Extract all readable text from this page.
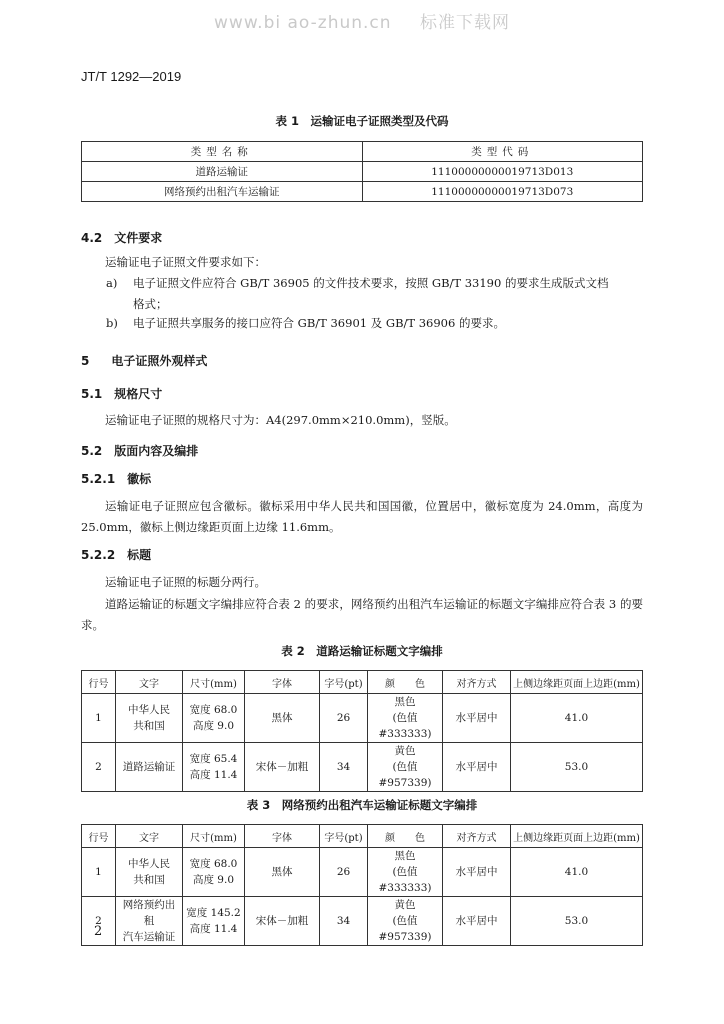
www.bi ao-zhun.cn 标准下载网
JT/T 1292—2019
表 1　运输证电子证照类型及代码
类型名称	类型代码
道路运输证	11100000000019713D013
网络预约出租汽车运输证	11100000000019713D073
4.2 文件要求
运输证电子证照文件要求如下：
a) 电子证照文件应符合 GB/T 36905 的文件技术要求，按照 GB/T 33190 的要求生成版式文档
格式；
b) 电子证照共享服务的接口应符合 GB/T 36901 及 GB/T 36906 的要求。
5 电子证照外观样式
5.1 规格尺寸
运输证电子证照的规格尺寸为：A4(297.0mm×210.0mm)，竖版。
5.2 版面内容及编排
5.2.1 徽标
运输证电子证照应包含徽标。徽标采用中华人民共和国国徽，位置居中，徽标宽度为 24.0mm，高度为 25.0mm，徽标上侧边缘距页面上边缘 11.6mm。
5.2.2 标题
运输证电子证照的标题分两行。
道路运输证的标题文字编排应符合表 2 的要求，网络预约出租汽车运输证的标题文字编排应符合表 3 的要求。
表 2　道路运输证标题文字编排
行号	文字	尺寸(mm)	字体	字号(pt)	颜　　色	对齐方式	上侧边缘距页面上边距(mm)
1	中华人民
共和国	宽度 68.0
高度 9.0	黑体	26	黑色
(色值#333333)	水平居中	41.0
2	道路运输证	宽度 65.4
高度 11.4	宋体－加粗	34	黄色
(色值#957339)	水平居中	53.0
表 3　网络预约出租汽车运输证标题文字编排
行号	文字	尺寸(mm)	字体	字号(pt)	颜　　色	对齐方式	上侧边缘距页面上边距(mm)
1	中华人民
共和国	宽度 68.0
高度 9.0	黑体	26	黑色
(色值#333333)	水平居中	41.0
2	网络预约出租
汽车运输证	宽度 145.2
高度 11.4	宋体－加粗	34	黄色
(色值#957339)	水平居中	53.0
2
